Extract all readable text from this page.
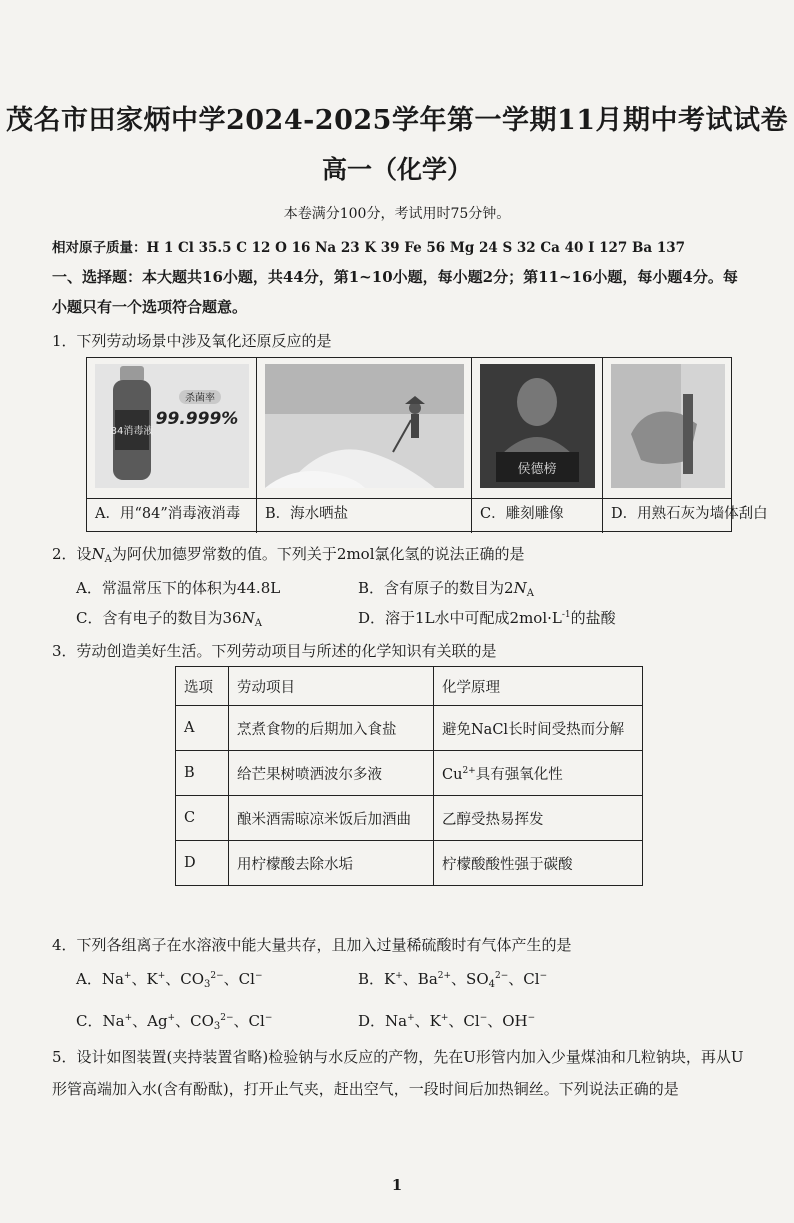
茂名市田家炳中学2024-2025学年第一学期11月期中考试试卷
高一（化学）
本卷满分100分，考试用时75分钟。
相对原子质量：H 1 Cl 35.5 C 12 O 16 Na 23 K 39 Fe 56 Mg 24 S 32 Ca 40 I 127 Ba 137
一、选择题：本大题共16小题，共44分，第1~10小题，每小题2分；第11~16小题，每小题4分。每
小题只有一个选项符合题意。
1．下列劳动场景中涉及氧化还原反应的是
杀菌率
99.999%
84消毒液
A．用“84”消毒液消毒 B．海水晒盐
侯德榜
C．雕刻雕像	D．用熟石灰为墙体刮白
2．设$N_A$为阿伏加德罗常数的值。下列关于2mol氯化氢的说法正确的是
A．常温常压下的体积为44.8L	B．含有原子的数目为$2N_A$
C．含有电子的数目为$36N_A$	D．溶于1L水中可配成$2mol\cdot L^{-1}$的盐酸
3．劳动创造美好生活。下列劳动项目与所述的化学知识有关联的是
选项	劳动项目	化学原理
A	烹煮食物的后期加入食盐	避免NaCl长时间受热而分解
B	给芒果树喷洒波尔多液	$Cu^{2+}$具有强氧化性
C	酿米酒需晾凉米饭后加酒曲	乙醇受热易挥发
D	用柠檬酸去除水垢	柠檬酸酸性强于碳酸
4．下列各组离子在水溶液中能大量共存，且加入过量稀硫酸时有气体产生的是
A．Na+、K+、$CO_3^{2-}$、Cl−	B．K+、$Ba^{2+}$、$SO_4^{2-}$、Cl−
C．Na+、Ag+、$CO_3^{2-}$、Cl−	D．Na+、K+、Cl−、OH−
5．设计如图装置(夹持装置省略)检验钠与水反应的产物，先在U形管内加入少量煤油和几粒钠块，再从U
形管高端加入水(含有酚酞)，打开止气夹，赶出空气，一段时间后加热铜丝。下列说法正确的是
1
